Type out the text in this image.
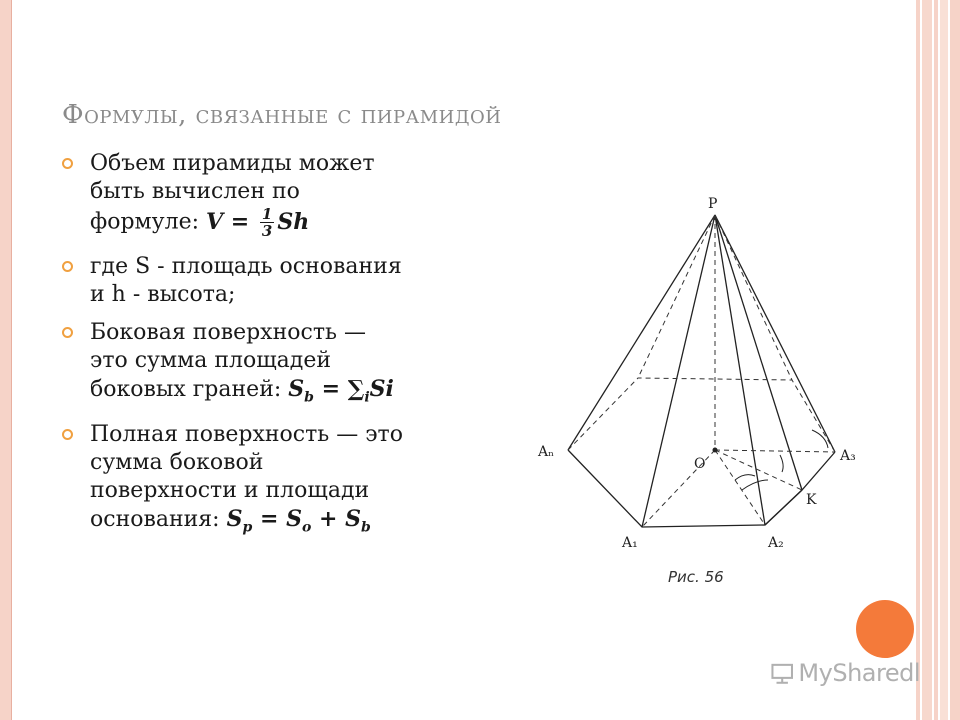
Формулы, связанные с пирамидой
Объем пирамиды может
быть вычислен по
формуле: $V = \frac{1}{3}$ Sh
где S - площадь основания
и h - высота;
Боковая поверхность —
это сумма площадей
боковых граней: $S_b = \sum_iSi$
Полная поверхность — это
сумма боковой
поверхности и площади
основания: $S_p = S_o + S_b$
P
Aₙ
A₁	A₂
A₃
O
K
Рис. 56
MySharedl
